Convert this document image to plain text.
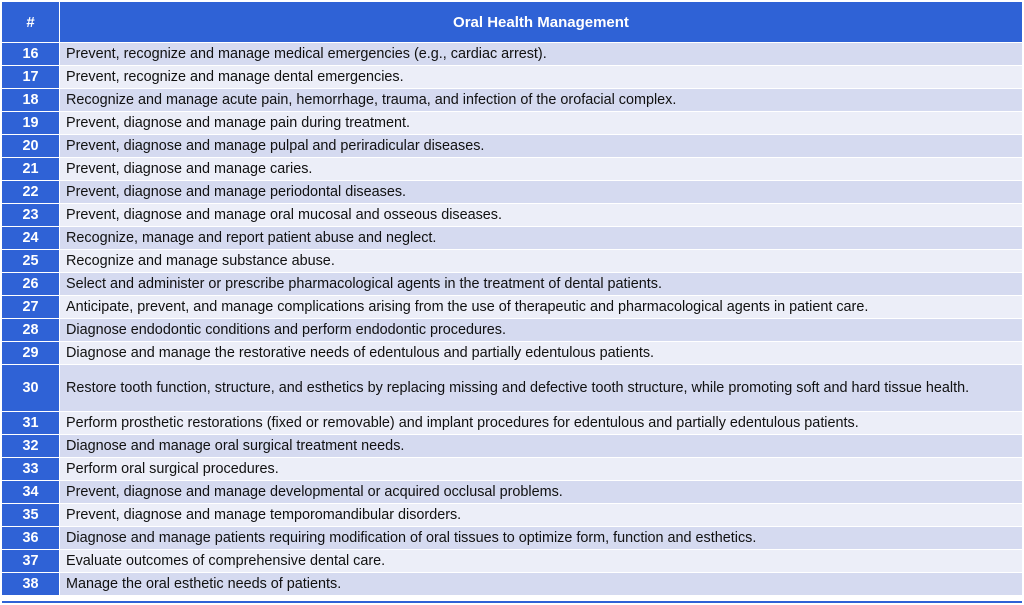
#	Oral Health Management
16	Prevent, recognize and manage medical emergencies (e.g., cardiac arrest).
17	Prevent, recognize and manage dental emergencies.
18	Recognize and manage acute pain, hemorrhage, trauma, and infection of the orofacial complex.
19	Prevent, diagnose and manage pain during treatment.
20	Prevent, diagnose and manage pulpal and periradicular diseases.
21	Prevent, diagnose and manage caries.
22	Prevent, diagnose and manage periodontal diseases.
23	Prevent, diagnose and manage oral mucosal and osseous diseases.
24	Recognize, manage and report patient abuse and neglect.
25	Recognize and manage substance abuse.
26	Select and administer or prescribe pharmacological agents in the treatment of dental patients.
27	Anticipate, prevent, and manage complications arising from the use of therapeutic and pharmacological agents in patient care.
28	Diagnose endodontic conditions and perform endodontic procedures.
29	Diagnose and manage the restorative needs of edentulous and partially edentulous patients.
30	Restore tooth function, structure, and esthetics by replacing missing and defective tooth structure, while promoting soft and hard tissue health.
31	Perform prosthetic restorations (fixed or removable) and implant procedures for edentulous and partially edentulous patients.
32	Diagnose and manage oral surgical treatment needs.
33	Perform oral surgical procedures.
34	Prevent, diagnose and manage developmental or acquired occlusal problems.
35	Prevent, diagnose and manage temporomandibular disorders.
36	Diagnose and manage patients requiring modification of oral tissues to optimize form, function and esthetics.
37	Evaluate outcomes of comprehensive dental care.
38	Manage the oral esthetic needs of patients.
